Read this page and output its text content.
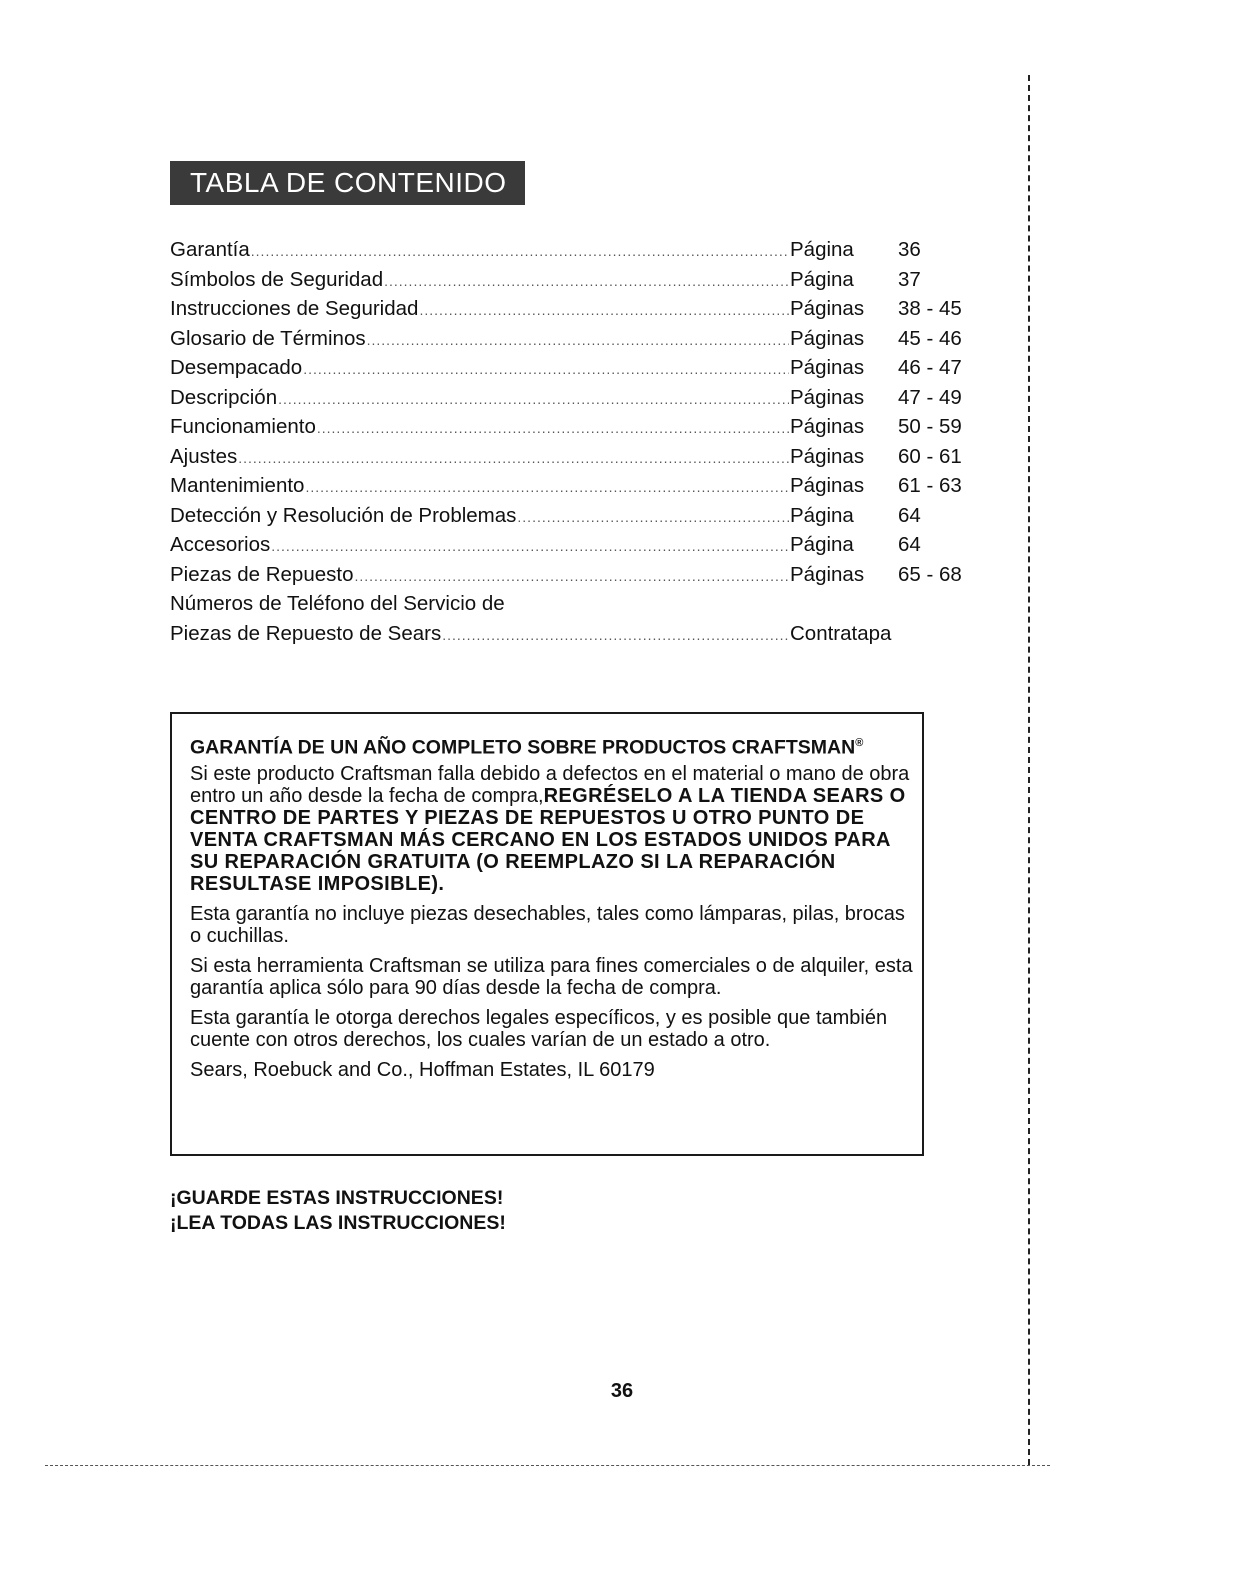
TABLA DE CONTENIDO
Garantía .....	Página	36
Símbolos de Seguridad .....	Página	37
Instrucciones de Seguridad .....	Páginas	38 - 45
Glosario de Términos .....	Páginas	45 - 46
Desempacado .....	Páginas	46 - 47
Descripción .....	Páginas	47 - 49
Funcionamiento .....	Páginas	50 - 59
Ajustes .....	Páginas	60 - 61
Mantenimiento .....	Páginas	61 - 63
Detección y Resolución de Problemas .....	Página	64
Accesorios .....	Página	64
Piezas de Repuesto .....	Páginas	65 - 68
Números de Teléfono del Servicio de
Piezas de Repuesto de Sears .....	Contratapa
GARANTÍA DE UN AÑO COMPLETO SOBRE PRODUCTOS CRAFTSMAN®

Si este producto Craftsman falla debido a defectos en el material o mano de obra entro un año desde la fecha de compra,REGRÉSELO A LA TIENDA SEARS O CENTRO DE PARTES Y PIEZAS DE REPUESTOS U OTRO PUNTO DE VENTA CRAFTSMAN MÁS CERCANO EN LOS ESTADOS UNIDOS PARA SU REPARACIÓN GRATUITA (O REEMPLAZO SI LA REPARACIÓN RESULTASE IMPOSIBLE).

Esta garantía no incluye piezas desechables, tales como lámparas, pilas, brocas o cuchillas.

Si esta herramienta Craftsman se utiliza para fines comerciales o de alquiler, esta garantía aplica sólo para 90 días desde la fecha de compra.

Esta garantía le otorga derechos legales específicos, y es posible que también cuente con otros derechos, los cuales varían de un estado a otro.

Sears, Roebuck and Co., Hoffman Estates, IL 60179

¡GUARDE ESTAS INSTRUCCIONES!
¡LEA TODAS LAS INSTRUCCIONES!
36
